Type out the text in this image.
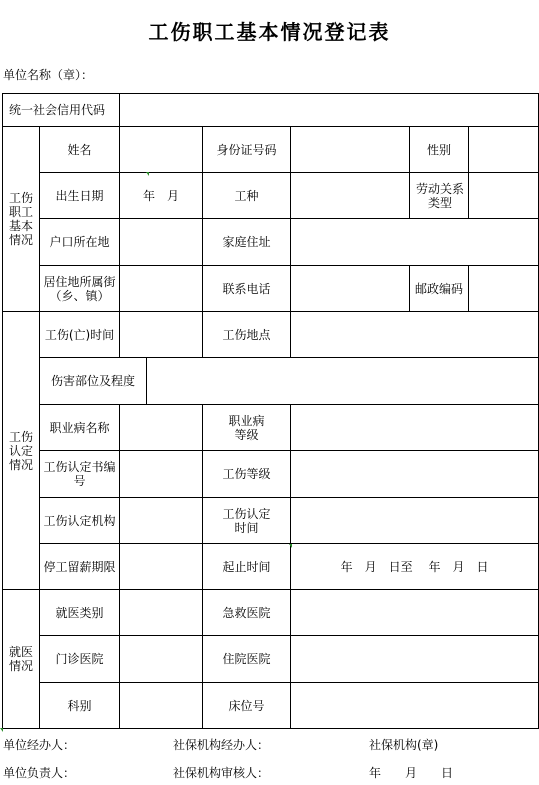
工伤职工基本情况登记表
单位名称（章）：
统一社会信用代码							

工伤职工基本情况	姓名			身份证号码		性别	
	出生日期	年　月		工种		劳动关系类型	

	户口所在地			家庭住址			

	居住地所属街（乡、镇）			联系电话		邮政编码	

工伤认定情况	工伤(亡)时间			工伤地点			
	伤害部位及程度						
	职业病名称			职业病等级			

	工伤认定书编号			工伤等级			
	工伤认定机构			工伤认定时间			

	停工留薪期限			起止时间	年　月　日至　 年　月　日		

就医情况	就医类别			急救医院			
	门诊医院			住院医院			
	科别			床位号			
单位经办人：	社保机构经办人：	社保机构(章)
单位负责人：	社保机构审核人：	年　　月　　日
